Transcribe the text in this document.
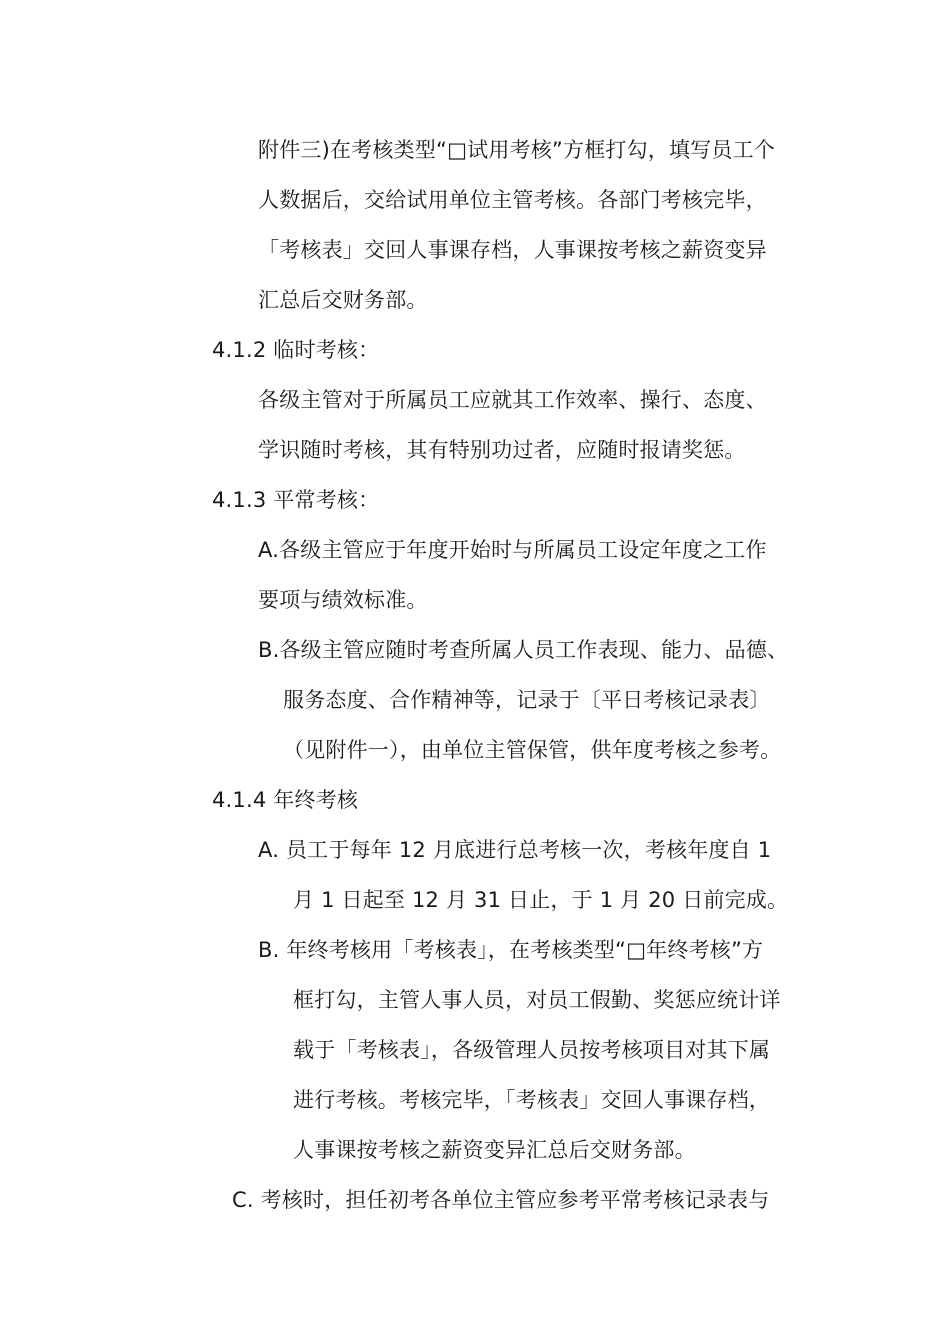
附件三)在考核类型“□试用考核”方框打勾，填写员工个
人数据后，交给试用单位主管考核。各部门考核完毕，
「考核表」交回人事课存档，人事课按考核之薪资变异
汇总后交财务部。
4.1.2 临时考核：
各级主管对于所属员工应就其工作效率、操行、态度、
学识随时考核，其有特别功过者，应随时报请奖惩。
4.1.3 平常考核：
A.各级主管应于年度开始时与所属员工设定年度之工作
要项与绩效标准。
B.各级主管应随时考查所属人员工作表现、能力、品德、
服务态度、合作精神等，记录于〔平日考核记录表〕
（见附件一），由单位主管保管，供年度考核之参考。
4.1.4 年终考核
A. 员工于每年 12 月底进行总考核一次，考核年度自 1
月 1 日起至 12 月 31 日止，于 1 月 20 日前完成。
B. 年终考核用「考核表」，在考核类型“□年终考核”方
框打勾，主管人事人员，对员工假勤、奖惩应统计详
载于「考核表」，各级管理人员按考核项目对其下属
进行考核。考核完毕，「考核表」交回人事课存档，
人事课按考核之薪资变异汇总后交财务部。
C. 考核时，担任初考各单位主管应参考平常考核记录表与
